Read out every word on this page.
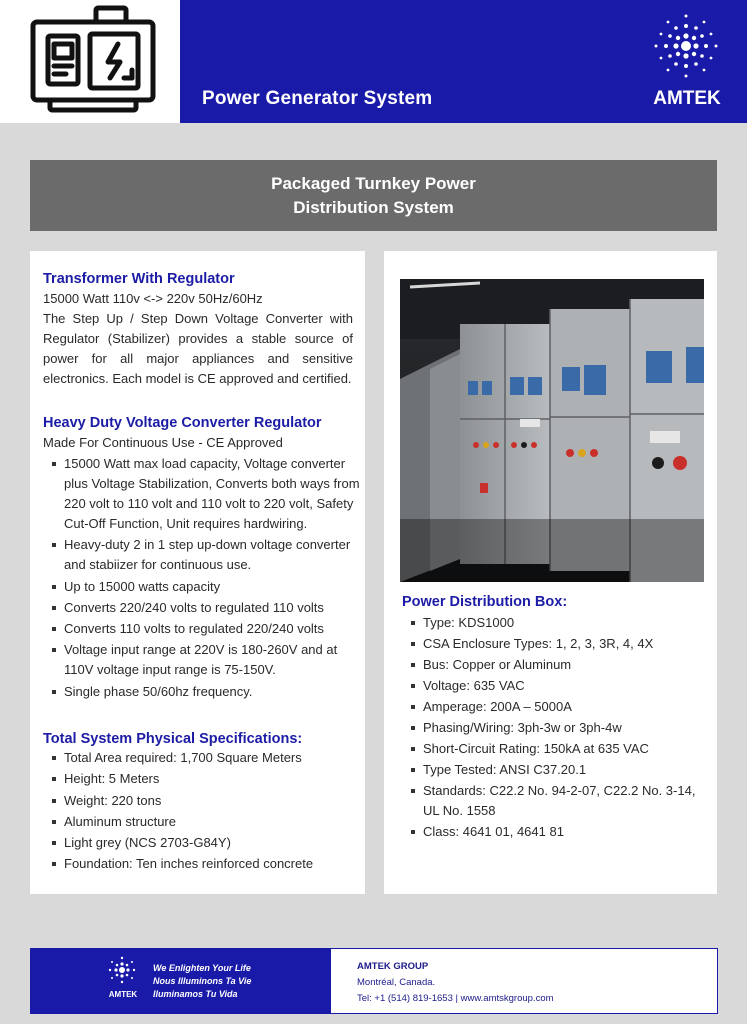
Power Generator System	AMTEK
Packaged Turnkey Power
Distribution System
Transformer With Regulator
15000 Watt 110v <-> 220v 50Hz/60Hz
The Step Up / Step Down Voltage Converter with Regulator (Stabilizer) provides a stable source of power for all major appliances and sensitive electronics. Each model is CE approved and certified.
Heavy Duty Voltage Converter Regulator
Made For Continuous Use - CE Approved
15000 Watt max load capacity, Voltage converter plus Voltage Stabilization, Converts both ways from 220 volt to 110 volt and 110 volt to 220 volt, Safety Cut-Off Function, Unit requires hardwiring.
Heavy-duty 2 in 1 step up-down voltage converter and stabiizer for continuous use.
Up to 15000 watts capacity
Converts 220/240 volts to regulated 110 volts
Converts 110 volts to regulated 220/240 volts
Voltage input range at 220V is 180-260V and at 110V voltage input range is 75-150V.
Single phase 50/60hz frequency.
Total System Physical Specifications:
Total Area required: 1,700 Square Meters
Height: 5 Meters
Weight: 220 tons
Aluminum structure
Light grey (NCS 2703-G84Y)
Foundation: Ten inches reinforced concrete
Power Distribution Box:
Type: KDS1000
CSA Enclosure Types: 1, 2, 3, 3R, 4, 4X
Bus: Copper or Aluminum
Voltage: 635 VAC
Amperage: 200A – 5000A
Phasing/Wiring: 3ph-3w or 3ph-4w
Short-Circuit Rating: 150kA at 635 VAC
Type Tested: ANSI C37.20.1
Standards: C22.2 No. 94-2-07, C22.2 No. 3-14, UL No. 1558
Class: 4641 01, 4641 81
AMTEK
We Enlighten Your Life
Nous Illuminons Ta Vie
Iluminamos Tu Vida
AMTEK GROUP
Montréal, Canada.
Tel: +1 (514) 819-1653 | www.amtskgroup.com
